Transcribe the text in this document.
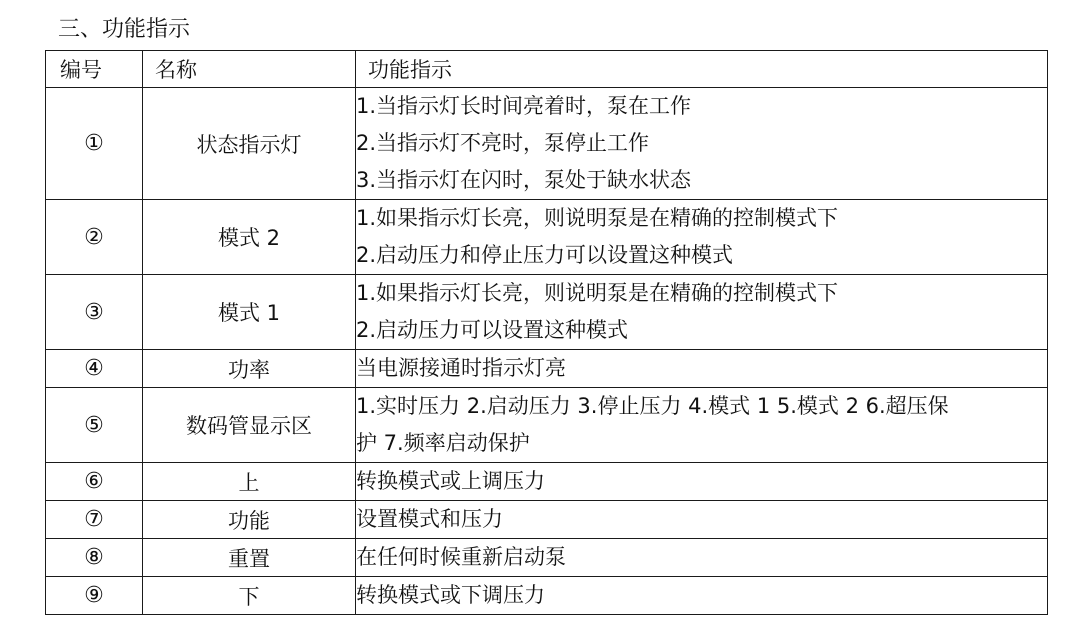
三、功能指示
编号	名称	功能指示
①	状态指示灯	1.当指示灯长时间亮着时，泵在工作
2.当指示灯不亮时，泵停止工作
3.当指示灯在闪时，泵处于缺水状态

②	模式 2	1.如果指示灯长亮，则说明泵是在精确的控制模式下
2.启动压力和停止压力可以设置这种模式

③	模式 1	1.如果指示灯长亮，则说明泵是在精确的控制模式下
2.启动压力可以设置这种模式

④	功率	当电源接通时指示灯亮

⑤	数码管显示区	1.实时压力 2.启动压力 3.停止压力 4.模式 1 5.模式 2 6.超压保
护 7.频率启动保护

⑥	上	转换模式或上调压力

⑦	功能	设置模式和压力

⑧	重置	在任何时候重新启动泵

⑨	下	转换模式或下调压力
